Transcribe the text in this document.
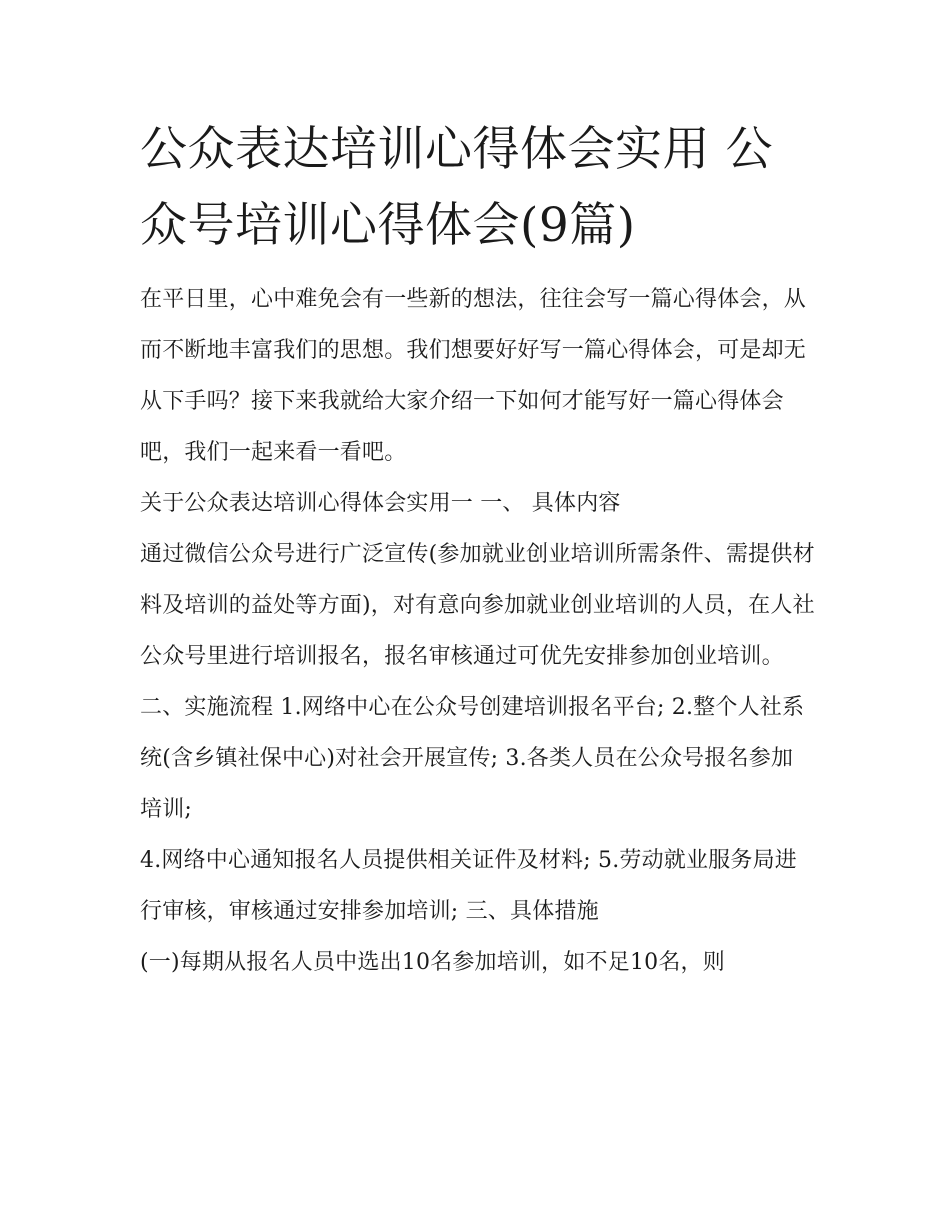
公众表达培训心得体会实用 公众号培训心得体会(9篇)

在平日里，心中难免会有一些新的想法，往往会写一篇心得体会，从而不断地丰富我们的思想。我们想要好好写一篇心得体会，可是却无从下手吗？接下来我就给大家介绍一下如何才能写好一篇心得体会吧，我们一起来看一看吧。

关于公众表达培训心得体会实用一 一、 具体内容

通过微信公众号进行广泛宣传(参加就业创业培训所需条件、需提供材料及培训的益处等方面)，对有意向参加就业创业培训的人员，在人社公众号里进行培训报名，报名审核通过可优先安排参加创业培训。

二、实施流程 1.网络中心在公众号创建培训报名平台; 2.整个人社系统(含乡镇社保中心)对社会开展宣传; 3.各类人员在公众号报名参加培训;

4.网络中心通知报名人员提供相关证件及材料; 5.劳动就业服务局进行审核，审核通过安排参加培训; 三、具体措施

(一)每期从报名人员中选出10名参加培训，如不足10名，则
